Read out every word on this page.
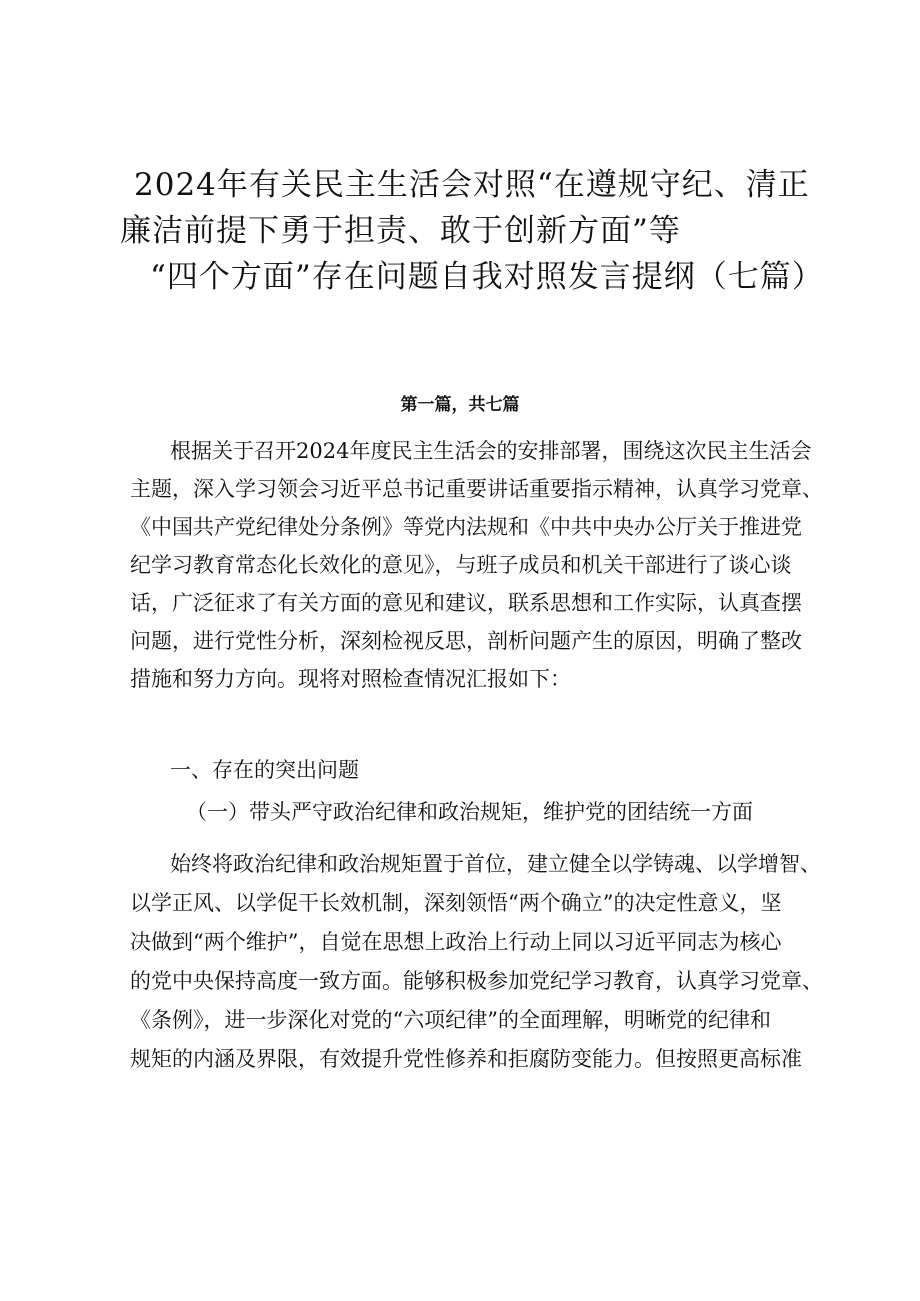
2024年有关民主生活会对照“在遵规守纪、清正
廉洁前提下勇于担责、敢于创新方面”等
“四个方面”存在问题自我对照发言提纲（七篇）
第一篇，共七篇
根据关于召开2024年度民主生活会的安排部署，围绕这次民主生活会
主题，深入学习领会习近平总书记重要讲话重要指示精神，认真学习党章、
《中国共产党纪律处分条例》等党内法规和《中共中央办公厅关于推进党
纪学习教育常态化长效化的意见》，与班子成员和机关干部进行了谈心谈
话，广泛征求了有关方面的意见和建议，联系思想和工作实际，认真查摆
问题，进行党性分析，深刻检视反思，剖析问题产生的原因，明确了整改
措施和努力方向。现将对照检查情况汇报如下：
一、存在的突出问题
（一）带头严守政治纪律和政治规矩，维护党的团结统一方面
始终将政治纪律和政治规矩置于首位，建立健全以学铸魂、以学增智、
以学正风、以学促干长效机制，深刻领悟“两个确立”的决定性意义，坚
决做到“两个维护”，自觉在思想上政治上行动上同以习近平同志为核心
的党中央保持高度一致方面。能够积极参加党纪学习教育，认真学习党章、
《条例》，进一步深化对党的“六项纪律”的全面理解，明晰党的纪律和
规矩的内涵及界限，有效提升党性修养和拒腐防变能力。但按照更高标准
